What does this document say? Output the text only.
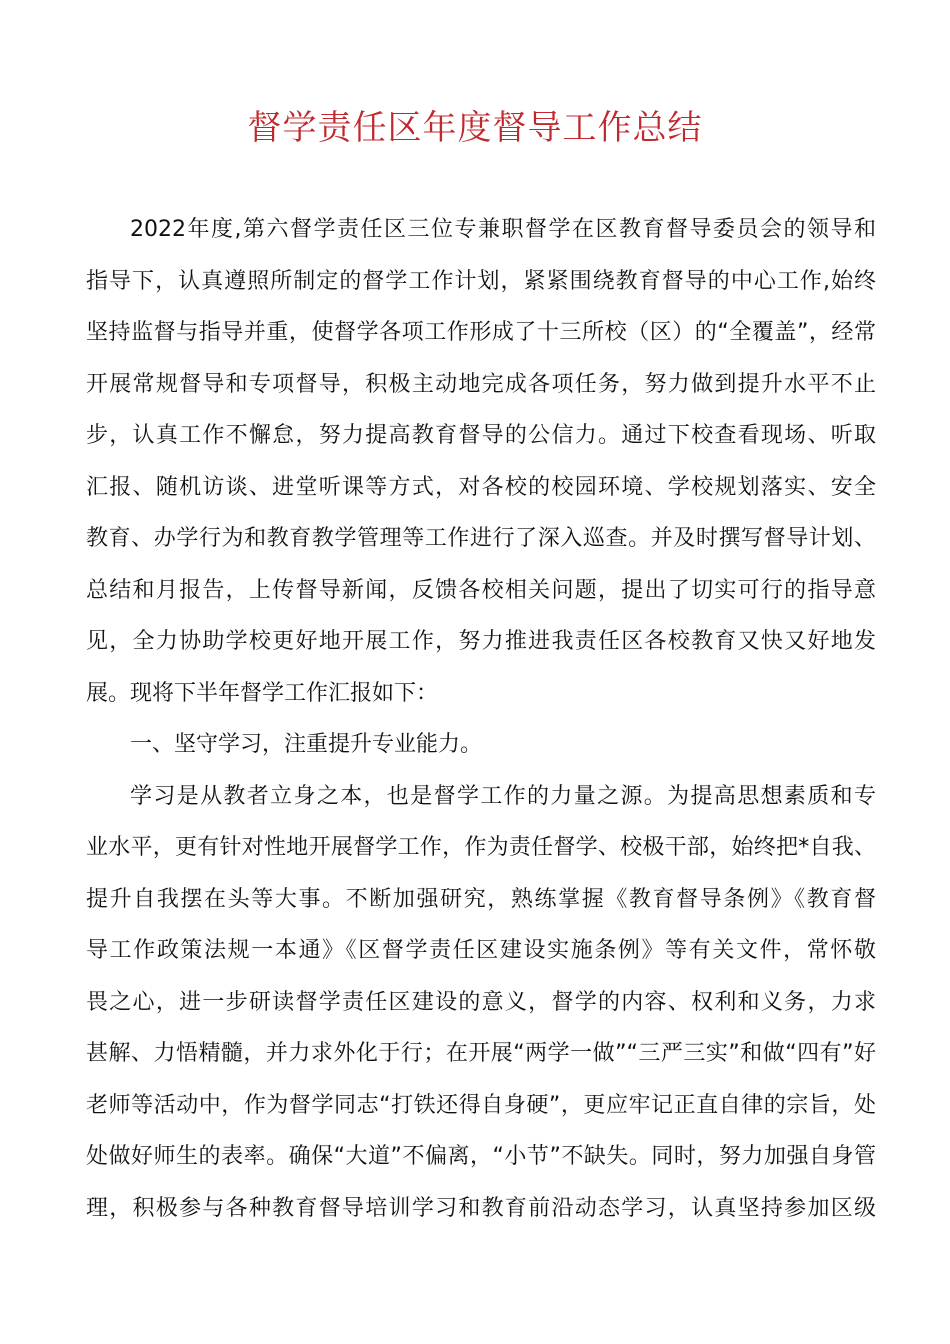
督学责任区年度督导工作总结
2022年度,第六督学责任区三位专兼职督学在区教育督导委员会的领导和
指导下，认真遵照所制定的督学工作计划，紧紧围绕教育督导的中心工作,始终
坚持监督与指导并重，使督学各项工作形成了十三所校（区）的“全覆盖”，经常
开展常规督导和专项督导，积极主动地完成各项任务，努力做到提升水平不止
步，认真工作不懈怠，努力提高教育督导的公信力。通过下校查看现场、听取
汇报、随机访谈、进堂听课等方式，对各校的校园环境、学校规划落实、安全
教育、办学行为和教育教学管理等工作进行了深入巡查。并及时撰写督导计划、
总结和月报告，上传督导新闻，反馈各校相关问题，提出了切实可行的指导意
见，全力协助学校更好地开展工作，努力推进我责任区各校教育又快又好地发
展。现将下半年督学工作汇报如下：
一、坚守学习，注重提升专业能力。
学习是从教者立身之本，也是督学工作的力量之源。为提高思想素质和专
业水平，更有针对性地开展督学工作，作为责任督学、校极干部，始终把*自我、
提升自我摆在头等大事。不断加强研究，熟练掌握《教育督导条例》《教育督
导工作政策法规一本通》《区督学责任区建设实施条例》等有关文件，常怀敬
畏之心，进一步研读督学责任区建设的意义，督学的内容、权利和义务，力求
甚解、力悟精髓，并力求外化于行；在开展“两学一做”“三严三实”和做“四有”好
老师等活动中，作为督学同志“打铁还得自身硬”，更应牢记正直自律的宗旨，处
处做好师生的表率。确保“大道”不偏离，“小节”不缺失。同时，努力加强自身管
理，积极参与各种教育督导培训学习和教育前沿动态学习，认真坚持参加区级
